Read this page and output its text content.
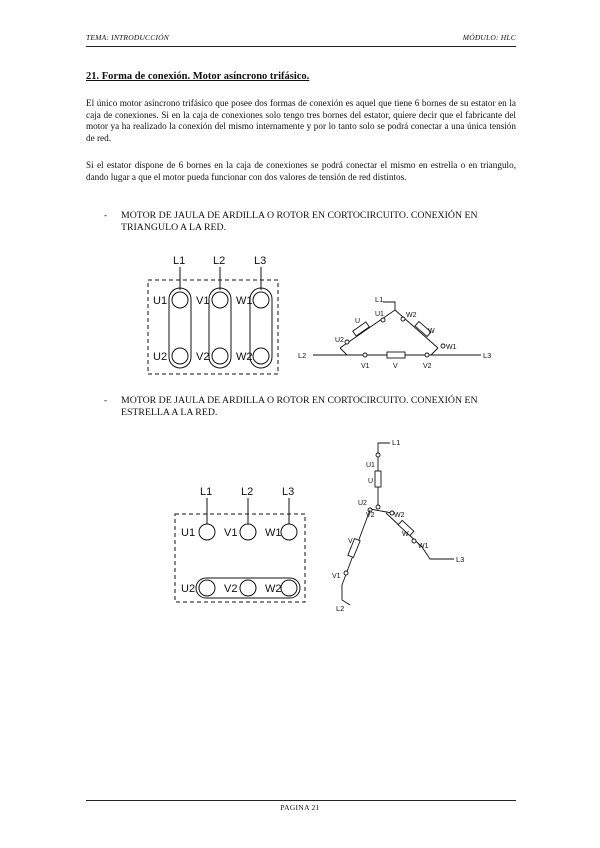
TEMA: INTRODUCCIÓN	MÓDULO: HLC
21. Forma de conexión. Motor asíncrono trifásico.
El único motor asíncrono trifásico que posee dos formas de conexión es aquel que tiene 6 bornes de su estator en la caja de conexiones. Si en la caja de conexiones solo tengo tres bornes del estator, quiere decir que el fabricante del motor ya ha realizado la conexión del mismo internamente y por lo tanto solo se podrá conectar a una única tensión de red.
Si el estator dispone de 6 bornes en la caja de conexiones se podrá conectar el mismo en estrella o en triangulo, dando lugar a que el motor pueda funcionar con dos valores de tensión de red distintos.
- MOTOR DE JAULA DE ARDILLA O ROTOR EN CORTOCIRCUITO. CONEXIÓN EN TRIANGULO A LA RED.
L1	L2	L3
U1	V1 W1
U2	V2 W2
L1
L2	L3
U1	W2
U2
W1
V1	V2
U
W
V
- MOTOR DE JAULA DE ARDILLA O ROTOR EN CORTOCIRCUITO. CONEXIÓN EN ESTRELLA A LA RED.
L1	L2	L3
U1	V1	W1
U2	V2	W2
L1
U1
U
U2
V2	W2
V
W
W1
V1
L3
L2
PAGINA 21
